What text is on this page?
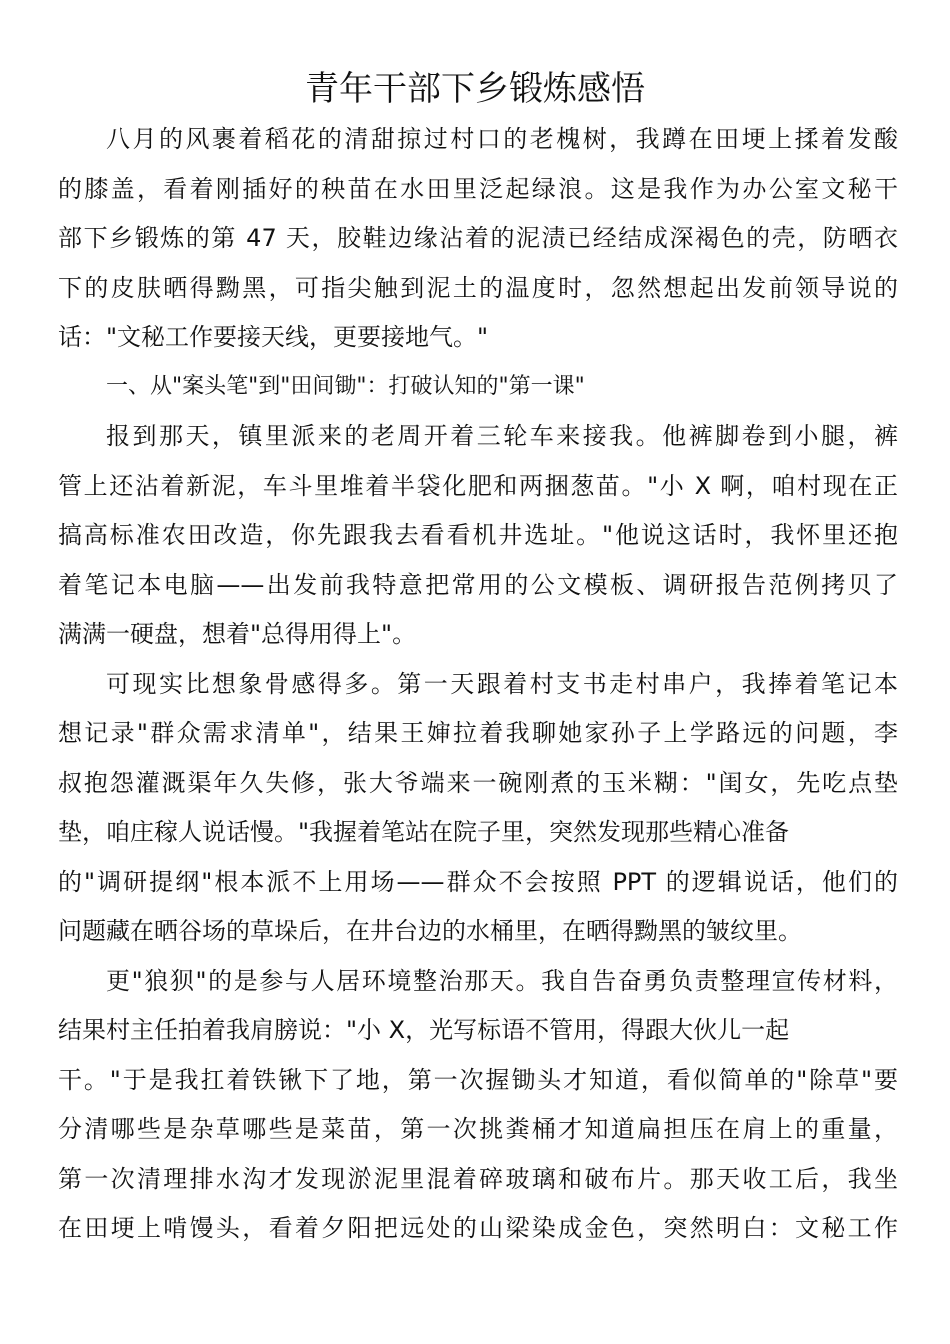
青年干部下乡锻炼感悟
八月的风裹着稻花的清甜掠过村口的老槐树，我蹲在田埂上揉着发酸
的膝盖，看着刚插好的秧苗在水田里泛起绿浪。这是我作为办公室文秘干
部下乡锻炼的第 47 天，胶鞋边缘沾着的泥渍已经结成深褐色的壳，防晒衣
下的皮肤晒得黝黑，可指尖触到泥土的温度时，忽然想起出发前领导说的
话："文秘工作要接天线，更要接地气。"
一、从"案头笔"到"田间锄"：打破认知的"第一课"
报到那天，镇里派来的老周开着三轮车来接我。他裤脚卷到小腿，裤
管上还沾着新泥，车斗里堆着半袋化肥和两捆葱苗。"小 X 啊，咱村现在正
搞高标准农田改造，你先跟我去看看机井选址。"他说这话时，我怀里还抱
着笔记本电脑——出发前我特意把常用的公文模板、调研报告范例拷贝了
满满一硬盘，想着"总得用得上"。
可现实比想象骨感得多。第一天跟着村支书走村串户，我捧着笔记本
想记录"群众需求清单"，结果王婶拉着我聊她家孙子上学路远的问题，李
叔抱怨灌溉渠年久失修，张大爷端来一碗刚煮的玉米糊："闺女，先吃点垫
垫，咱庄稼人说话慢。"我握着笔站在院子里，突然发现那些精心准备
的"调研提纲"根本派不上用场——群众不会按照 PPT 的逻辑说话，他们的
问题藏在晒谷场的草垛后，在井台边的水桶里，在晒得黝黑的皱纹里。
更"狼狈"的是参与人居环境整治那天。我自告奋勇负责整理宣传材料，
结果村主任拍着我肩膀说："小 X，光写标语不管用，得跟大伙儿一起
干。"于是我扛着铁锹下了地，第一次握锄头才知道，看似简单的"除草"要
分清哪些是杂草哪些是菜苗，第一次挑粪桶才知道扁担压在肩上的重量，
第一次清理排水沟才发现淤泥里混着碎玻璃和破布片。那天收工后，我坐
在田埂上啃馒头，看着夕阳把远处的山梁染成金色，突然明白：文秘工作
